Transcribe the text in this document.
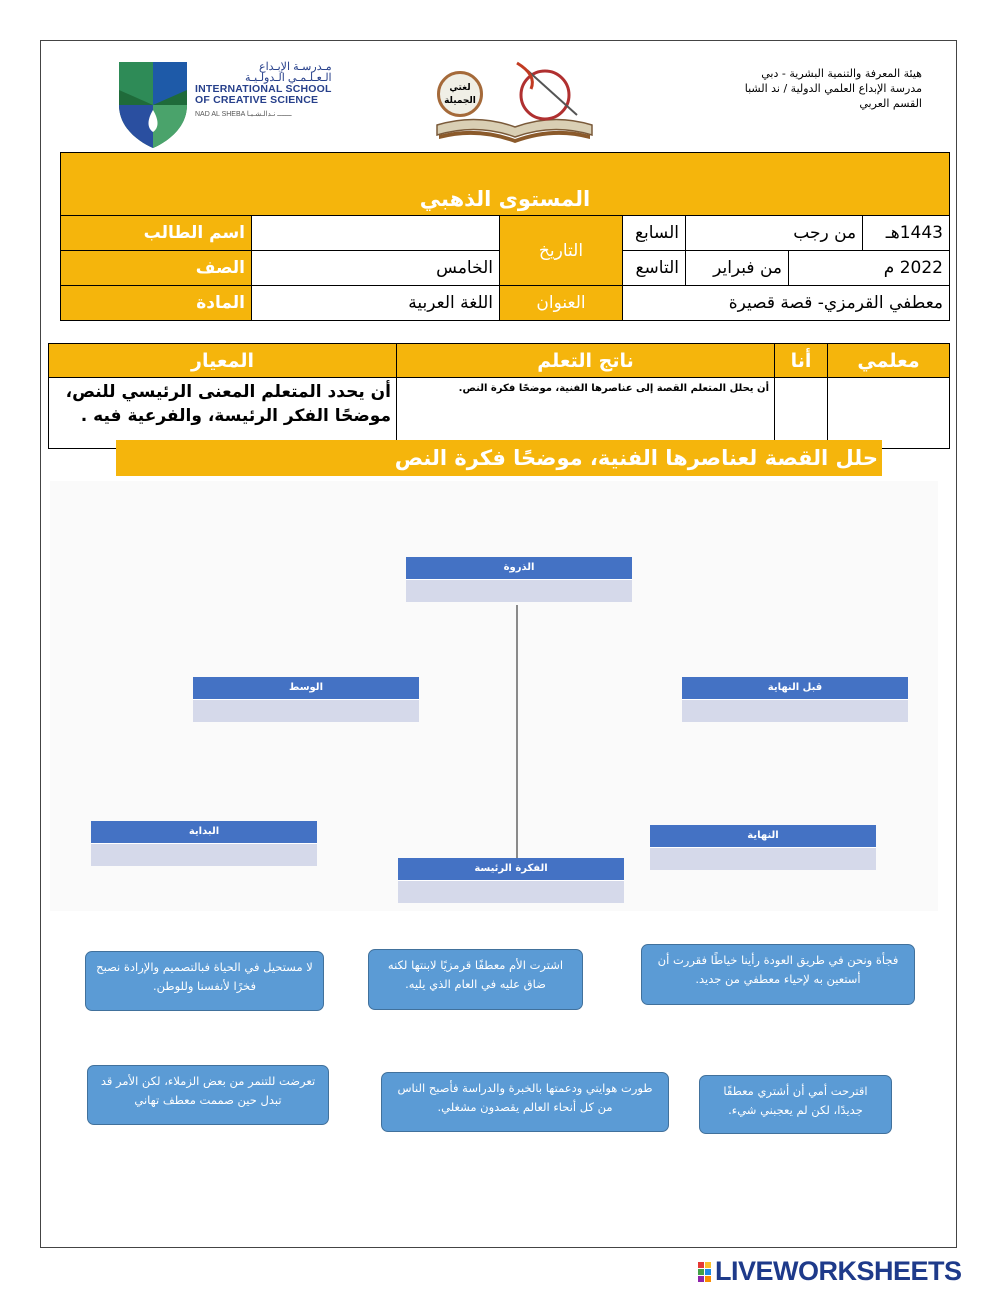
هيئة المعرفة والتنمية البشرية - دبي
مدرسة الإبداع العلمي الدولية / ند الشبا
القسم العربي
مـدرسـة الإبـداع
الـعـلـمـي الـدولـيـة
INTERNATIONAL SCHOOL
OF CREATIVE SCIENCE
NAD AL SHEBA ـــــــ نـدالـشـبـا
لغتي الجميلة
المستوى الذهبي						
اسم الطالب		التاريخ	السابع	من رجب		1443هـ
الصف	الخامس		التاسع	من فبراير	2022 م	
المادة	اللغة العربية	العنوان	معطفي القرمزي- قصة قصيرة			
المعيار	ناتج التعلم	أنا	معلمي
أن يحدد المتعلم المعنى الرئيسي للنص، موضحًا الفكر الرئيسة، والفرعية فيه .	أن يحلل المتعلم القصة إلى عناصرها الفنية، موضحًا فكرة النص.		
حلل القصة لعناصرها الفنية، موضحًا فكرة النص
الذروة
الوسط	قبل النهاية
البداية	النهاية
الفكرة الرئيسة
لا مستحيل في الحياة فبالتصميم والإرادة نصبح فخرًا لأنفسنا وللوطن.
اشترت الأم معطفًا قرمزيًا لابنتها لكنه ضاق عليه في العام الذي يليه.
فجأة ونحن في طريق العودة رأينا خياطًا فقررت أن أستعين به لإحياء معطفي من جديد.
تعرضت للتنمر من بعض الزملاء، لكن الأمر قد تبدل حين صممت معطف تهاني
طورت هوايتي ودعمتها بالخبرة والدراسة فأصبح الناس من كل أنحاء العالم يقصدون مشغلي.
اقترحت أمي أن أشتري معطفًا جديدًا، لكن لم يعجبني شيء.
LIVEWORKSHEETS
